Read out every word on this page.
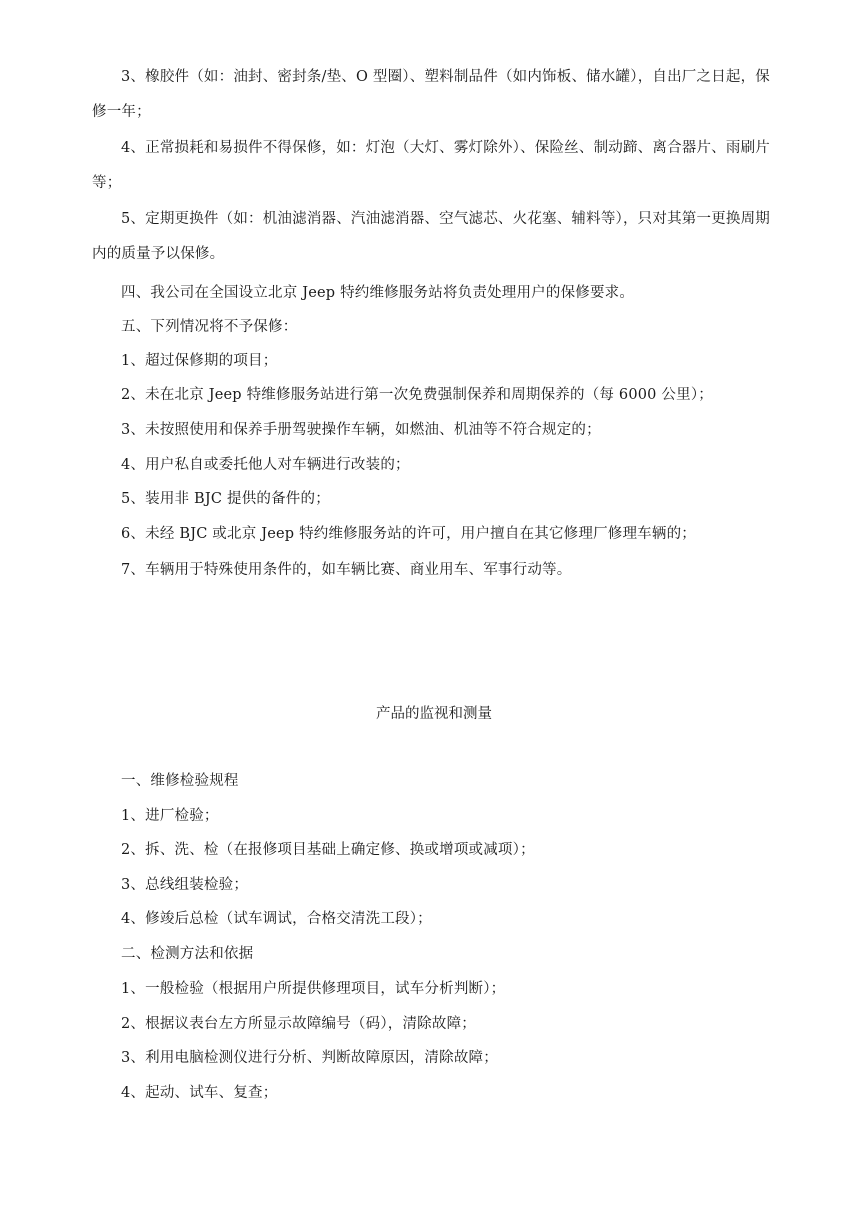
3、橡胶件（如：油封、密封条/垫、O 型圈）、塑料制品件（如内饰板、储水罐），自出厂之日起，保修一年；

4、正常损耗和易损件不得保修，如：灯泡（大灯、雾灯除外）、保险丝、制动蹄、离合器片、雨刷片等；

5、定期更换件（如：机油滤消器、汽油滤消器、空气滤芯、火花塞、辅料等），只对其第一更换周期内的质量予以保修。

四、我公司在全国设立北京 Jeep 特约维修服务站将负责处理用户的保修要求。

五、下列情况将不予保修：

1、超过保修期的项目；

2、未在北京 Jeep 特维修服务站进行第一次免费强制保养和周期保养的（每 6000 公里）；

3、未按照使用和保养手册驾驶操作车辆，如燃油、机油等不符合规定的；

4、用户私自或委托他人对车辆进行改装的；

5、装用非 BJC 提供的备件的；

6、未经 BJC 或北京 Jeep 特约维修服务站的许可，用户擅自在其它修理厂修理车辆的；

7、车辆用于特殊使用条件的，如车辆比赛、商业用车、军事行动等。

产品的监视和测量

一、维修检验规程

1、进厂检验；

2、拆、洗、检（在报修项目基础上确定修、换或增项或减项）；

3、总线组装检验；

4、修竣后总检（试车调试，合格交清洗工段）；

二、检测方法和依据

1、一般检验（根据用户所提供修理项目，试车分析判断）；

2、根据议表台左方所显示故障编号（码），清除故障；

3、利用电脑检测仪进行分析、判断故障原因，清除故障；

4、起动、试车、复查；
